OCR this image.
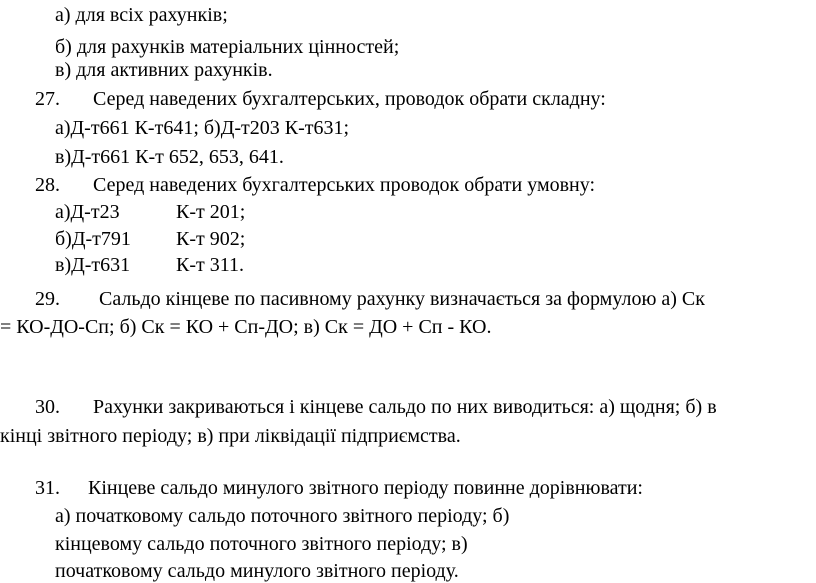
а) для всіх рахунків;
б) для рахунків матеріальних цінностей;
в) для активних рахунків.
27. Серед наведених бухгалтерських, проводок обрати складну:
а)Д-т661 К-т641; б)Д-т203 К-т631;
в)Д-т661 К-т 652, 653, 641.
28. Серед наведених бухгалтерських проводок обрати умовну:
а)Д-т23	К-т 201;
б)Д-т791 К-т 902;
в)Д-т631 К-т 311.
29. Сальдо кінцеве по пасивному рахунку визначається за формулою а) Ск
= КО-ДО-Сп; б) Ск = КО + Сп-ДО; в) Ск = ДО + Сп - КО.
30. Рахунки закриваються і кінцеве сальдо по них виводиться: а) щодня; б) в
кінці звітного періоду; в) при ліквідації підприємства.
31. Кінцеве сальдо минулого звітного періоду повинне дорівнювати:
а) початковому сальдо поточного звітного періоду; б)
кінцевому сальдо поточного звітного періоду; в)
початковому сальдо минулого звітного періоду.
